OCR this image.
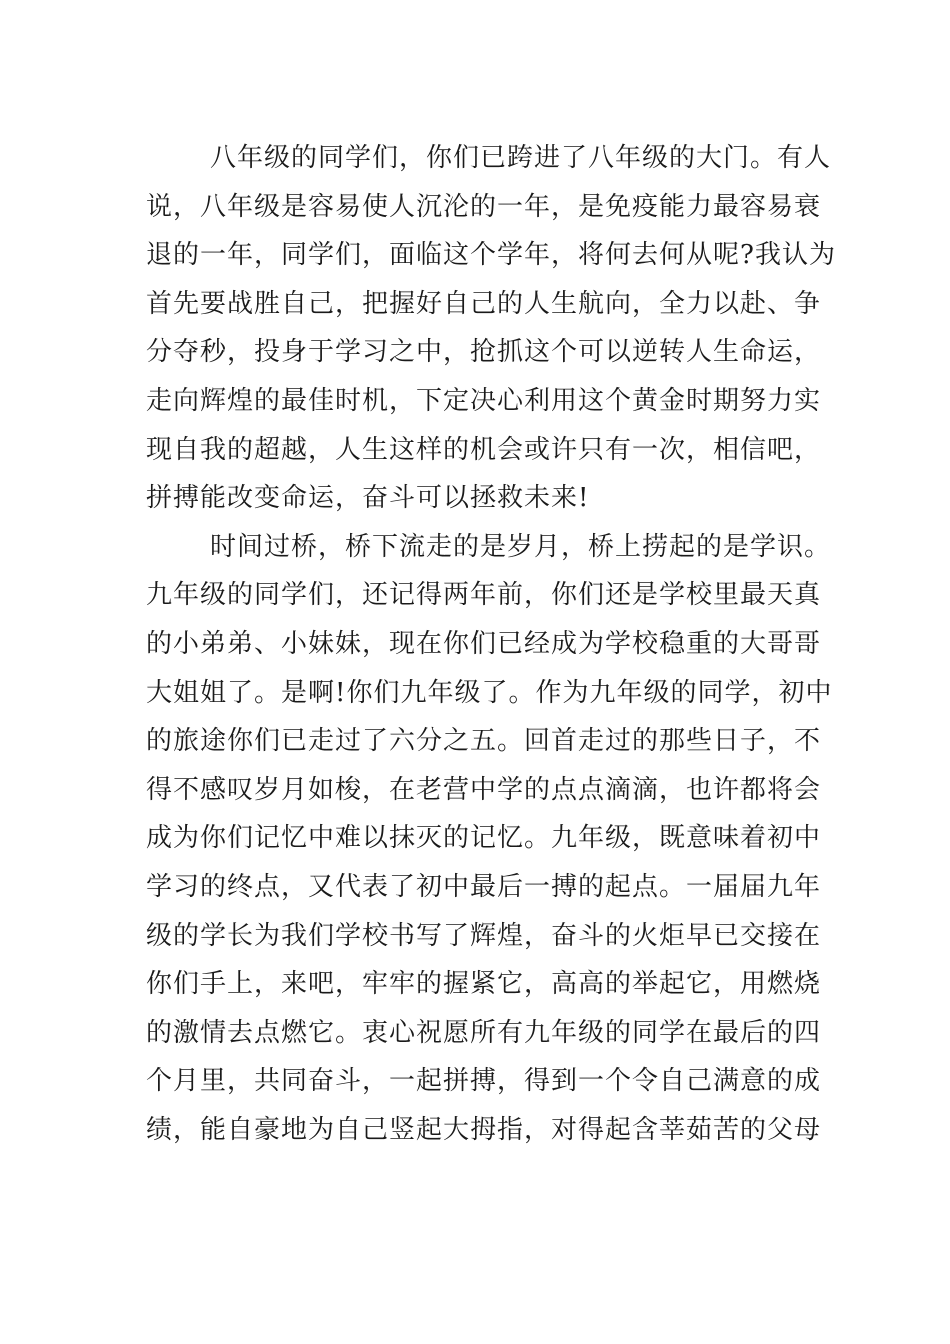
八年级的同学们，你们已跨进了八年级的大门。有人
说，八年级是容易使人沉沦的一年，是免疫能力最容易衰
退的一年，同学们，面临这个学年，将何去何从呢?我认为
首先要战胜自己，把握好自己的人生航向，全力以赴、争
分夺秒，投身于学习之中，抢抓这个可以逆转人生命运，
走向辉煌的最佳时机，下定决心利用这个黄金时期努力实
现自我的超越，人生这样的机会或许只有一次，相信吧，
拼搏能改变命运，奋斗可以拯救未来!
时间过桥，桥下流走的是岁月，桥上捞起的是学识。
九年级的同学们，还记得两年前，你们还是学校里最天真
的小弟弟、小妹妹，现在你们已经成为学校稳重的大哥哥
大姐姐了。是啊!你们九年级了。作为九年级的同学，初中
的旅途你们已走过了六分之五。回首走过的那些日子，不
得不感叹岁月如梭，在老营中学的点点滴滴，也许都将会
成为你们记忆中难以抹灭的记忆。九年级，既意味着初中
学习的终点，又代表了初中最后一搏的起点。一届届九年
级的学长为我们学校书写了辉煌，奋斗的火炬早已交接在
你们手上，来吧，牢牢的握紧它，高高的举起它，用燃烧
的激情去点燃它。衷心祝愿所有九年级的同学在最后的四
个月里，共同奋斗，一起拼搏，得到一个令自己满意的成
绩，能自豪地为自己竖起大拇指，对得起含莘茹苦的父母
